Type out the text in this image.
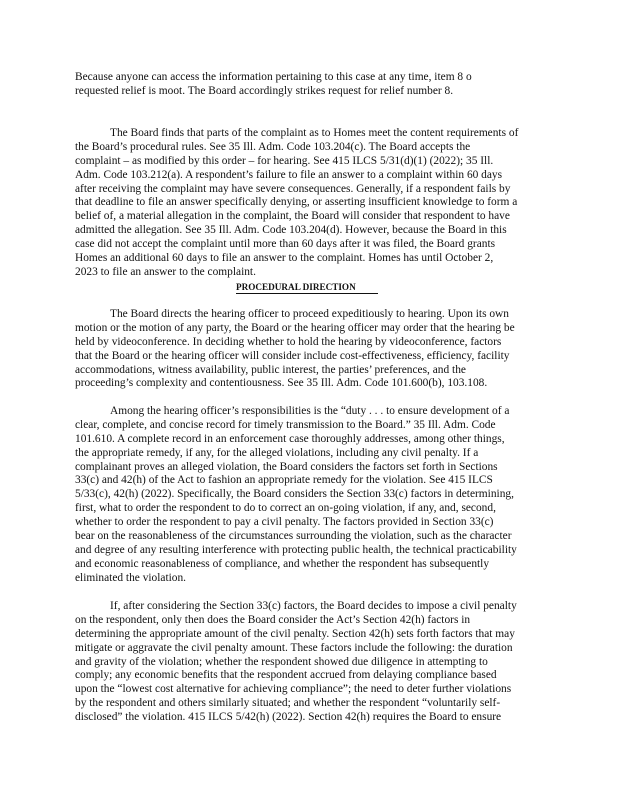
Because anyone can access the information pertaining to this case at any time, item 8 o
requested relief is moot. The Board accordingly strikes request for relief number 8.
The Board finds that parts of the complaint as to Homes meet the content requirements of
the Board’s procedural rules. See 35 Ill. Adm. Code 103.204(c). The Board accepts the
complaint – as modified by this order – for hearing. See 415 ILCS 5/31(d)(1) (2022); 35 Ill.
Adm. Code 103.212(a). A respondent’s failure to file an answer to a complaint within 60 days
after receiving the complaint may have severe consequences. Generally, if a respondent fails by
that deadline to file an answer specifically denying, or asserting insufficient knowledge to form a
belief of, a material allegation in the complaint, the Board will consider that respondent to have
admitted the allegation. See 35 Ill. Adm. Code 103.204(d). However, because the Board in this
case did not accept the complaint until more than 60 days after it was filed, the Board grants
Homes an additional 60 days to file an answer to the complaint. Homes has until October 2,
2023 to file an answer to the complaint.
PROCEDURAL DIRECTION
The Board directs the hearing officer to proceed expeditiously to hearing. Upon its own
motion or the motion of any party, the Board or the hearing officer may order that the hearing be
held by videoconference. In deciding whether to hold the hearing by videoconference, factors
that the Board or the hearing officer will consider include cost-effectiveness, efficiency, facility
accommodations, witness availability, public interest, the parties’ preferences, and the
proceeding’s complexity and contentiousness. See 35 Ill. Adm. Code 101.600(b), 103.108.
Among the hearing officer’s responsibilities is the “duty . . . to ensure development of a
clear, complete, and concise record for timely transmission to the Board.” 35 Ill. Adm. Code
101.610. A complete record in an enforcement case thoroughly addresses, among other things,
the appropriate remedy, if any, for the alleged violations, including any civil penalty. If a
complainant proves an alleged violation, the Board considers the factors set forth in Sections
33(c) and 42(h) of the Act to fashion an appropriate remedy for the violation. See 415 ILCS
5/33(c), 42(h) (2022). Specifically, the Board considers the Section 33(c) factors in determining,
first, what to order the respondent to do to correct an on-going violation, if any, and, second,
whether to order the respondent to pay a civil penalty. The factors provided in Section 33(c)
bear on the reasonableness of the circumstances surrounding the violation, such as the character
and degree of any resulting interference with protecting public health, the technical practicability
and economic reasonableness of compliance, and whether the respondent has subsequently
eliminated the violation.
If, after considering the Section 33(c) factors, the Board decides to impose a civil penalty
on the respondent, only then does the Board consider the Act’s Section 42(h) factors in
determining the appropriate amount of the civil penalty. Section 42(h) sets forth factors that may
mitigate or aggravate the civil penalty amount. These factors include the following: the duration
and gravity of the violation; whether the respondent showed due diligence in attempting to
comply; any economic benefits that the respondent accrued from delaying compliance based
upon the “lowest cost alternative for achieving compliance”; the need to deter further violations
by the respondent and others similarly situated; and whether the respondent “voluntarily self-
disclosed” the violation. 415 ILCS 5/42(h) (2022). Section 42(h) requires the Board to ensure
